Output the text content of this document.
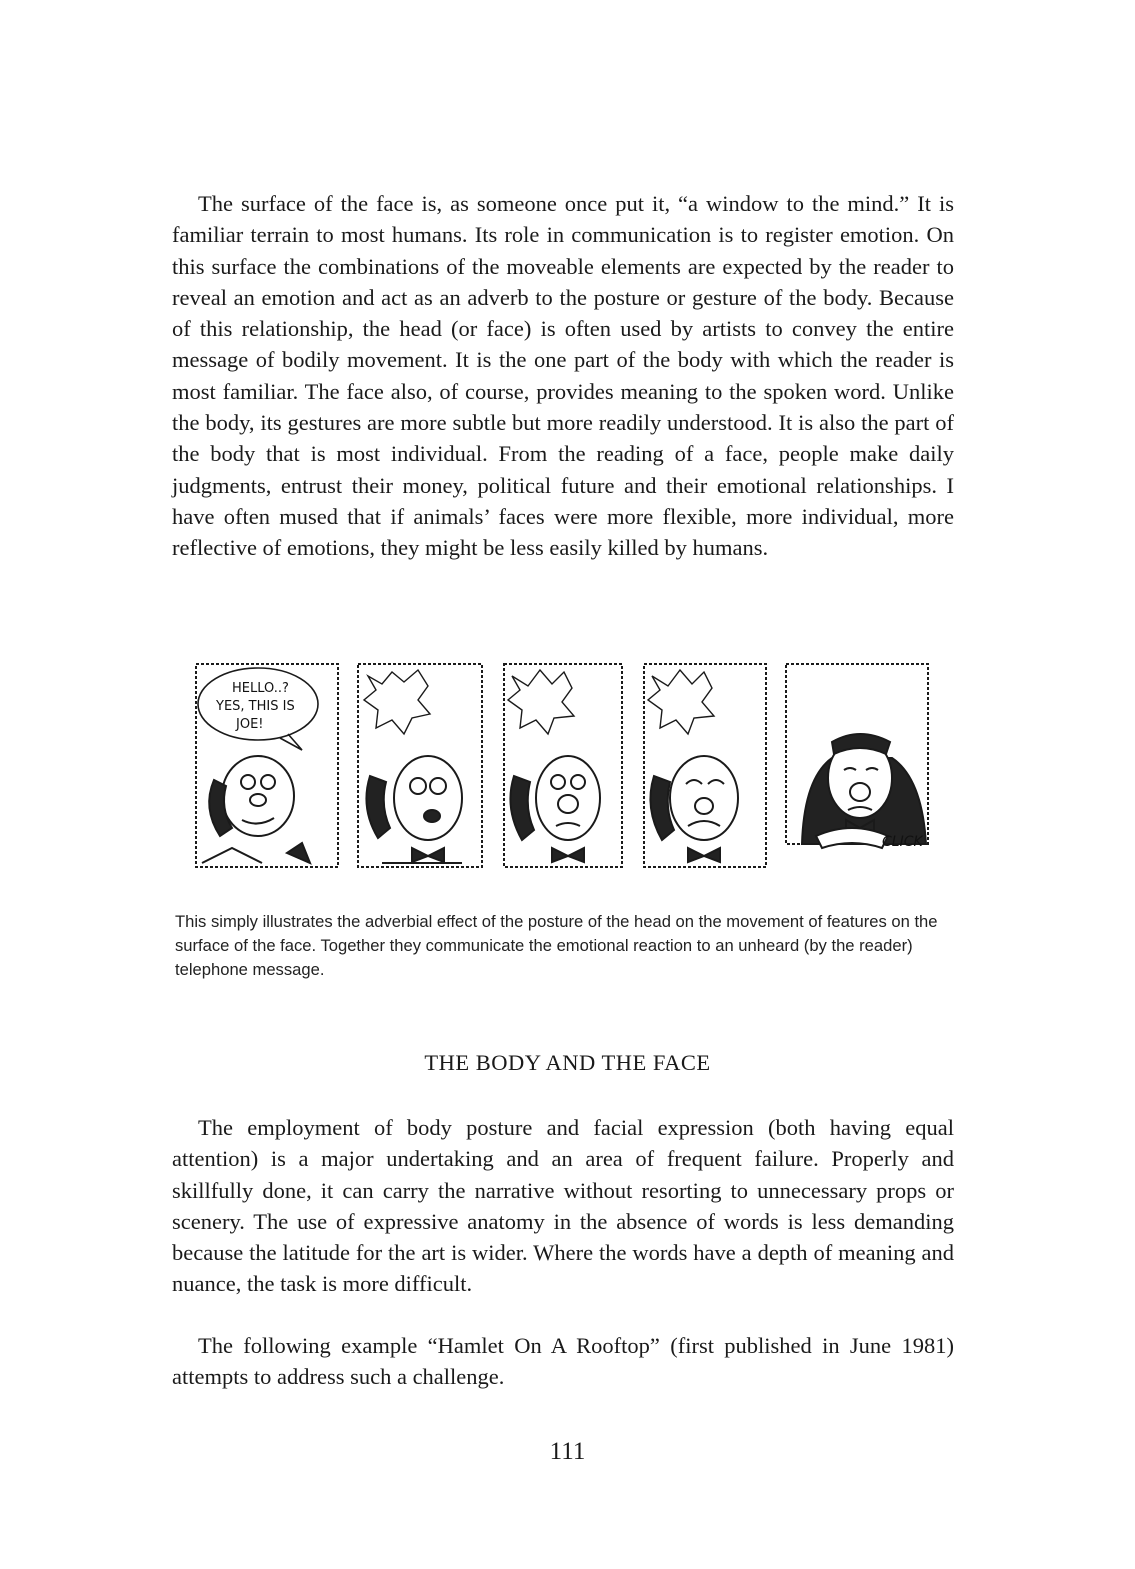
The surface of the face is, as someone once put it, “a window to the mind.” It is familiar terrain to most humans. Its role in communication is to register emotion. On this surface the combinations of the moveable elements are expected by the reader to reveal an emotion and act as an adverb to the posture or gesture of the body. Because of this relationship, the head (or face) is often used by artists to convey the entire message of bodily movement. It is the one part of the body with which the reader is most familiar. The face also, of course, provides meaning to the spoken word. Unlike the body, its gestures are more subtle but more readily understood. It is also the part of the body that is most individual. From the reading of a face, people make daily judgments, entrust their money, political future and their emotional relationships. I have often mused that if animals’ faces were more flexible, more individual, more reflective of emotions, they might be less easily killed by humans.

HELLO..?
YES, THIS IS
JOE!
CLICK

This simply illustrates the adverbial effect of the posture of the head on the movement of features on the surface of the face. Together they communicate the emotional reaction to an unheard (by the reader) telephone message.

THE BODY AND THE FACE

The employment of body posture and facial expression (both having equal attention) is a major undertaking and an area of frequent failure. Properly and skillfully done, it can carry the narrative without resorting to unnecessary props or scenery. The use of expressive anatomy in the absence of words is less demanding because the latitude for the art is wider. Where the words have a depth of meaning and nuance, the task is more difficult.

The following example “Hamlet On A Rooftop” (first published in June 1981) attempts to address such a challenge.

111
